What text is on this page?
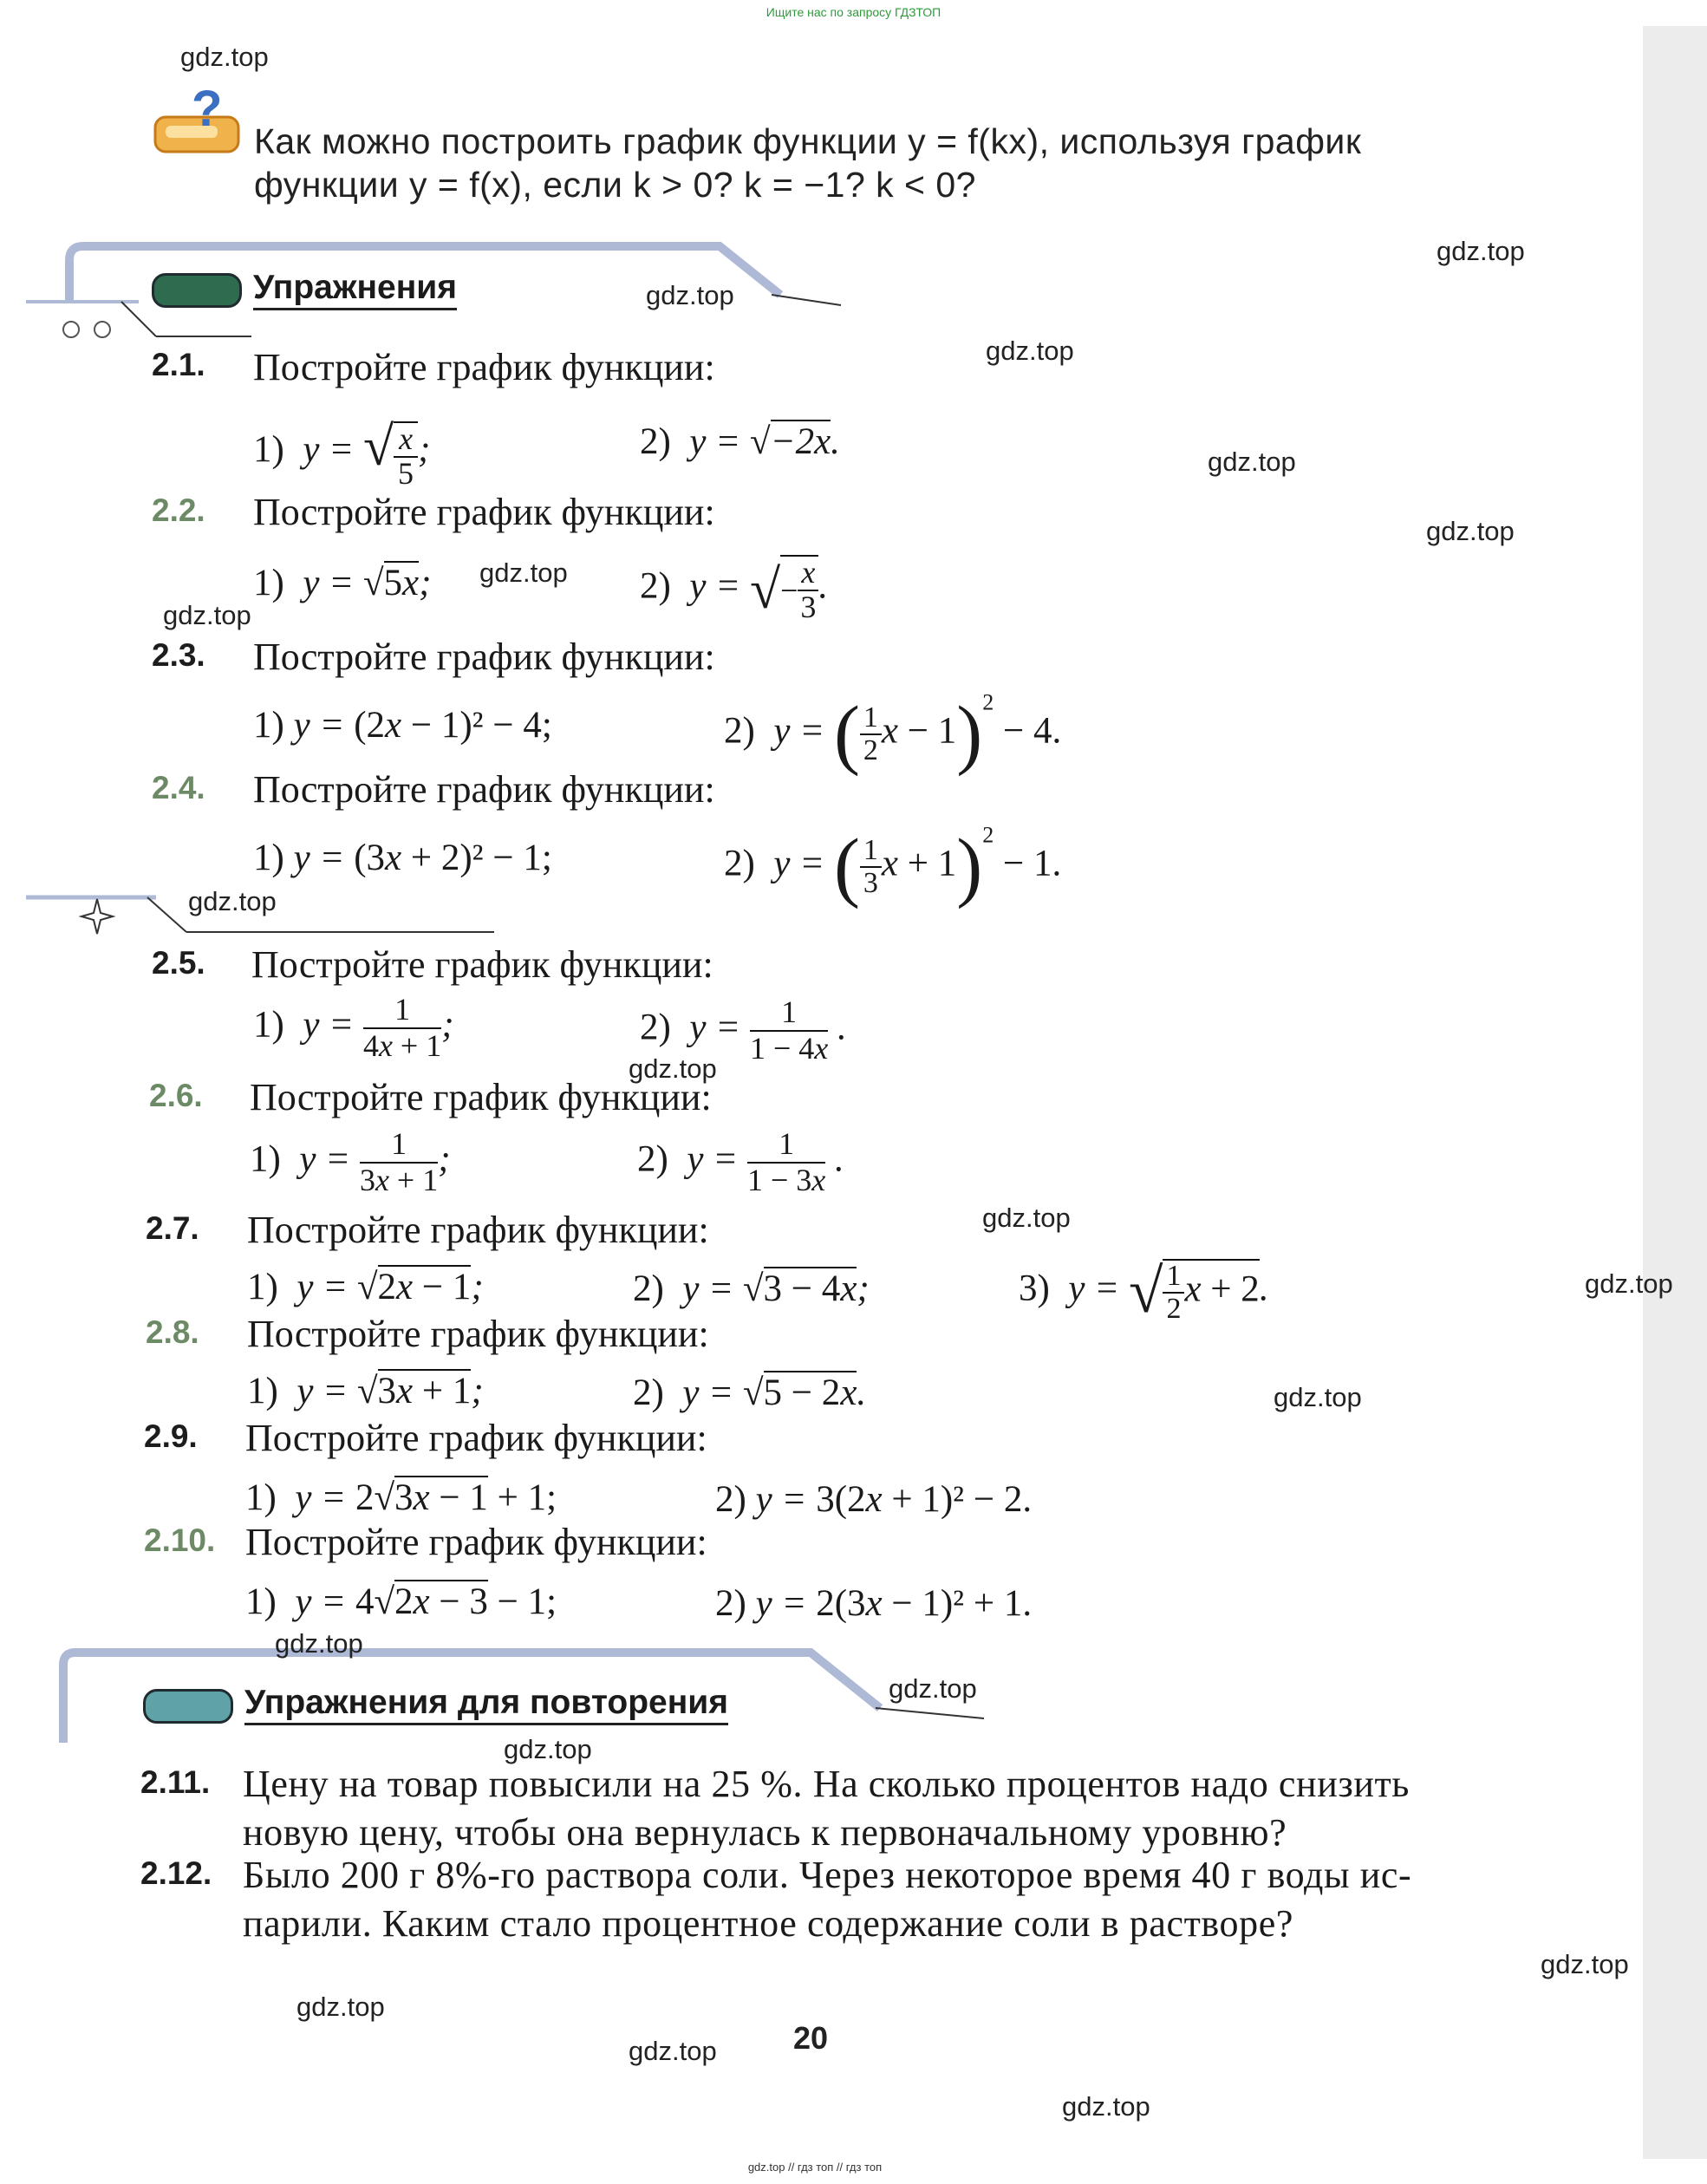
Ищите нас по запросу ГДЗТОП
?
Как можно построить график функции y = f(kx), используя график
функции y = f(x), если k > 0? k = −1? k < 0?
Упражнения
2.1. Постройте график функции:
1)  y = √ $\frac{x}{5}$ ;	2)  y = √−2x.
2.2. Постройте график функции:
1)  y = √5x;	2)  y = √− $\frac{x}{3}$ .
2.3. Постройте график функции:
1) y = (2x − 1)² − 4;	2)  y = ( $\frac{1}{2}$ x − 1)$^2$ − 4.
2.4. Постройте график функции:
1) y = (3x + 2)² − 1;	2)  y = ( $\frac{1}{3}$ x + 1)$^2$ − 1.
2.5. Постройте график функции:
1)  $y = \frac{1}{4x + 1}$ ;	2)  $y = \frac{1}{1 - 4x}$ .
2.6. Постройте график функции:
1)  $y = \frac{1}{3x + 1}$ ;	2)  $y = \frac{1}{1 - 3x}$ .
2.7. Постройте график функции:
1)  y = √2x − 1;	2)  y = √3 − 4x;	3)  y = √ $\frac{1}{2}$ x + 2.
2.8. Постройте график функции:
1)  y = √3x + 1;	2)  y = √5 − 2x.
2.9. Постройте график функции:
1)  y = 2√3x − 1 + 1;	2) y = 3(2x + 1)² − 2.
2.10. Постройте график функции:
1)  y = 4√2x − 3 − 1;	2) y = 2(3x − 1)² + 1.
Упражнения для повторения
2.11. Цену на товар повысили на 25 %. На сколько процентов надо снизить
новую цену, чтобы она вернулась к первоначальному уровню?
2.12. Было 200 г 8%-го раствора соли. Через некоторое время 40 г воды ис-
парили. Каким стало процентное содержание соли в растворе?
20
gdz.top // гдз топ // гдз топ
gdz.top
gdz.top
gdz.top
gdz.top
gdz.top
gdz.top
gdz.top
gdz.top
gdz.top
gdz.top
gdz.top
gdz.top
gdz.top
gdz.top
gdz.top
gdz.top
gdz.top
gdz.top
gdz.top
gdz.top
